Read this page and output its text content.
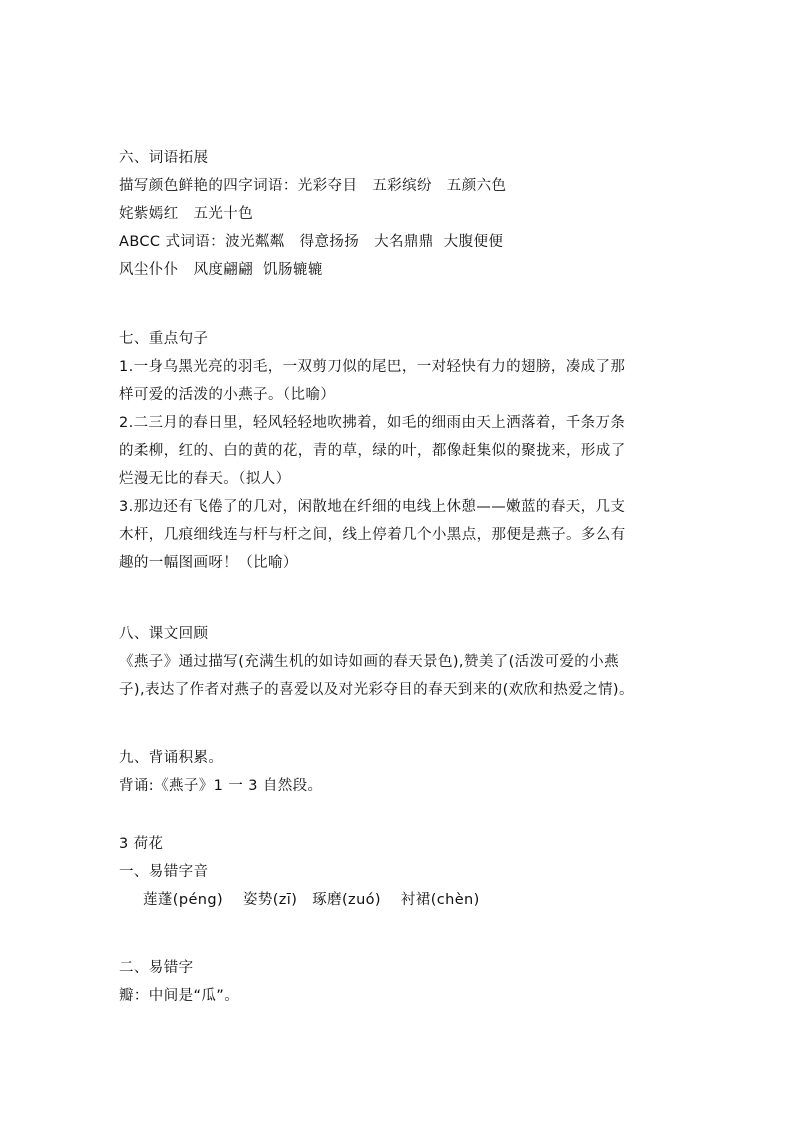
六、词语拓展
描写颜色鲜艳的四字词语：光彩夺目　五彩缤纷　五颜六色
姹紫嫣红　五光十色
ABCC 式词语：波光粼粼　得意扬扬　大名鼎鼎  大腹便便
风尘仆仆　风度翩翩  饥肠辘辘
七、重点句子
1.一身乌黑光亮的羽毛，一双剪刀似的尾巴，一对轻快有力的翅膀，凑成了那
样可爱的活泼的小燕子。（比喻）
2.二三月的春日里，轻风轻轻地吹拂着，如毛的细雨由天上洒落着，千条万条
的柔柳，红的、白的黄的花，青的草，绿的叶，都像赶集似的聚拢来，形成了
烂漫无比的春天。（拟人）
3.那边还有飞倦了的几对，闲散地在纤细的电线上休憩——嫩蓝的春天，几支
木杆，几痕细线连与杆与杆之间，线上停着几个小黑点，那便是燕子。多么有
趣的一幅图画呀！（比喻）
八、课文回顾
《燕子》通过描写(充满生机的如诗如画的春天景色),赞美了(活泼可爱的小燕
子),表达了作者对燕子的喜爱以及对光彩夺目的春天到来的(欢欣和热爱之情)。
九、背诵积累。
背诵:《燕子》1 一 3 自然段。
3 荷花
一、易错字音
莲蓬(péng)　 姿势(zī)　琢磨(zuó)　 衬裙(chèn)
二、易错字
瓣：中间是“瓜”。
